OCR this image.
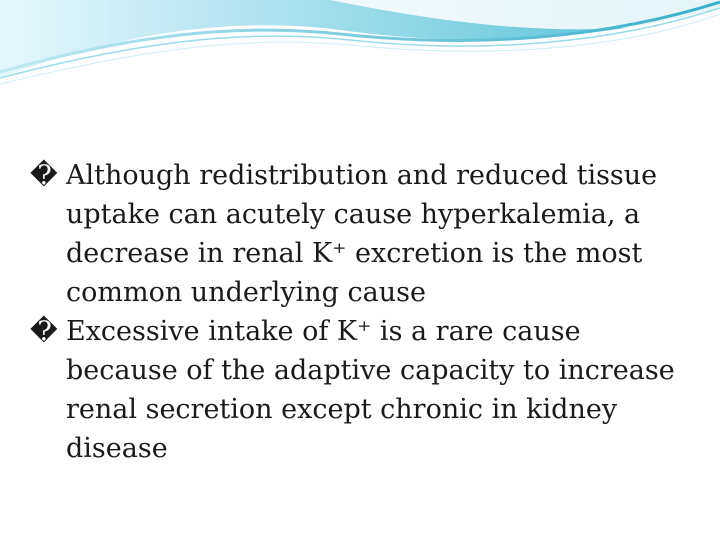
� Although redistribution and reduced tissue uptake can acutely cause hyperkalemia, a decrease in renal K⁺ excretion is the most common underlying cause

� Excessive intake of K⁺ is a rare cause because of the adaptive capacity to increase renal secretion except chronic in kidney disease
